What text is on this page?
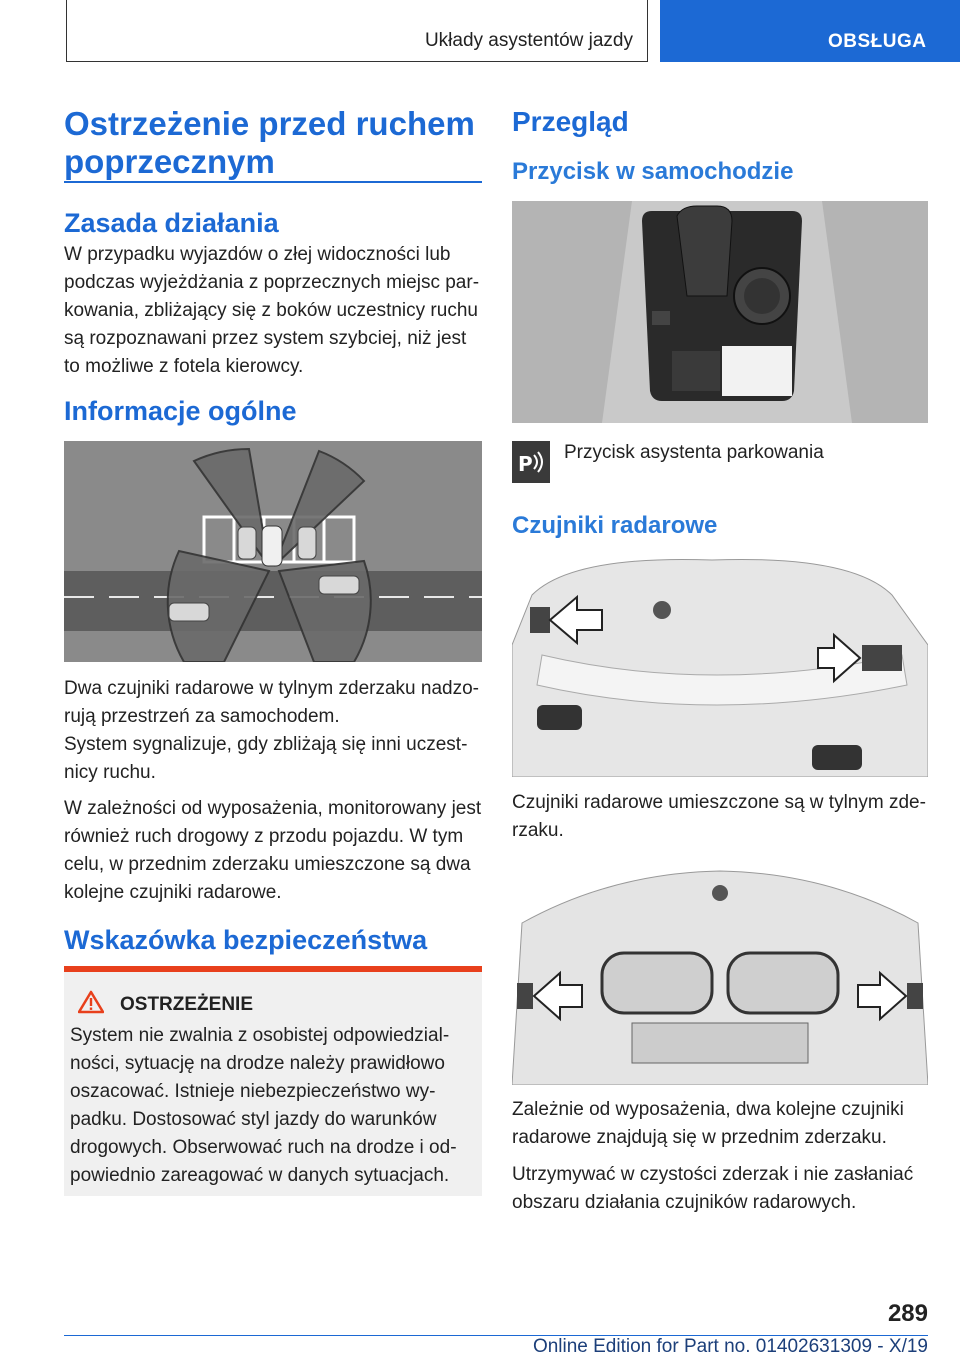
Układy asystentów jazdy	OBSŁUGA
Ostrzeżenie przed ruchem
poprzecznym
Zasada działania

W przypadku wyjazdów o złej widoczności lub podczas wyjeżdżania z poprzecznych miejsc parkowania, zbliżający się z boków uczestnicy ruchu są rozpoznawani przez system szybciej, niż jest to możliwe z fotela kierowcy.

Informacje ogólne

Dwa czujniki radarowe w tylnym zderzaku nadzorują przestrzeń za samochodem.

System sygnalizuje, gdy zbliżają się inni uczestnicy ruchu.

W zależności od wyposażenia, monitorowany jest również ruch drogowy z przodu pojazdu. W tym celu, w przednim zderzaku umieszczone są dwa kolejne czujniki radarowe.

Wskazówka bezpieczeństwa
OSTRZEŻENIE
System nie zwalnia z osobistej odpowiedzialności, sytuację na drodze należy prawidłowo oszacować. Istnieje niebezpieczeństwo wypadku. Dostosować styl jazdy do warunków drogowych. Obserwować ruch na drodze i odpowiednio zareagować w danych sytuacjach.
Przegląd
Przycisk w samochodzie
P Przycisk asystenta parkowania
Czujniki radarowe

Czujniki radarowe umieszczone są w tylnym zderzaku.

Zależnie od wyposażenia, dwa kolejne czujniki radarowe znajdują się w przednim zderzaku.

Utrzymywać w czystości zderzak i nie zasłaniać obszaru działania czujników radarowych.

289
Online Edition for Part no. 01402631309 - X/19
